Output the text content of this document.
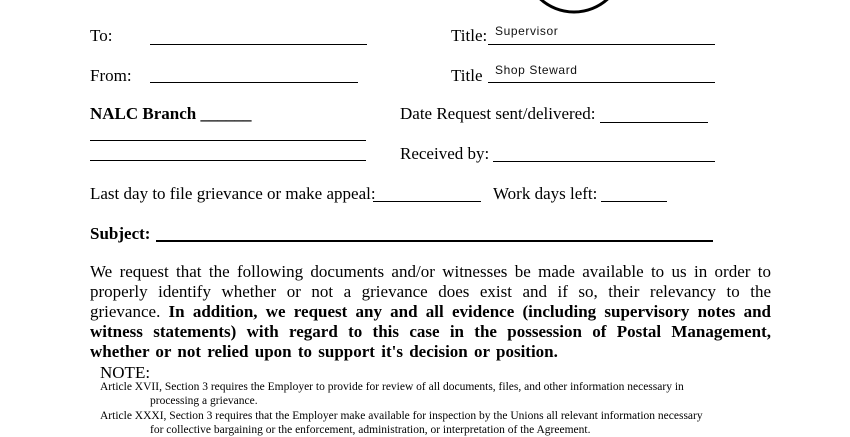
To:	Title: Supervisor
From:	Title Shop Steward
NALC Branch ______	Date Request sent/delivered:
Received by:
Last day to file grievance or make appeal:	Work days left:
Subject:
We request that the following documents and/or witnesses be made available to us in order to properly identify whether or not a grievance does exist and if so, their relevancy to the grievance. In addition, we request any and all evidence (including supervisory notes and witness statements) with regard to this case in the possession of Postal Management, whether or not relied upon to support it's decision or position.
NOTE:
Article XVII, Section 3 requires the Employer to provide for review of all documents, files, and other information necessary in
processing a grievance.
Article XXXI, Section 3 requires that the Employer make available for inspection by the Unions all relevant information necessary
for collective bargaining or the enforcement, administration, or interpretation of the Agreement.
